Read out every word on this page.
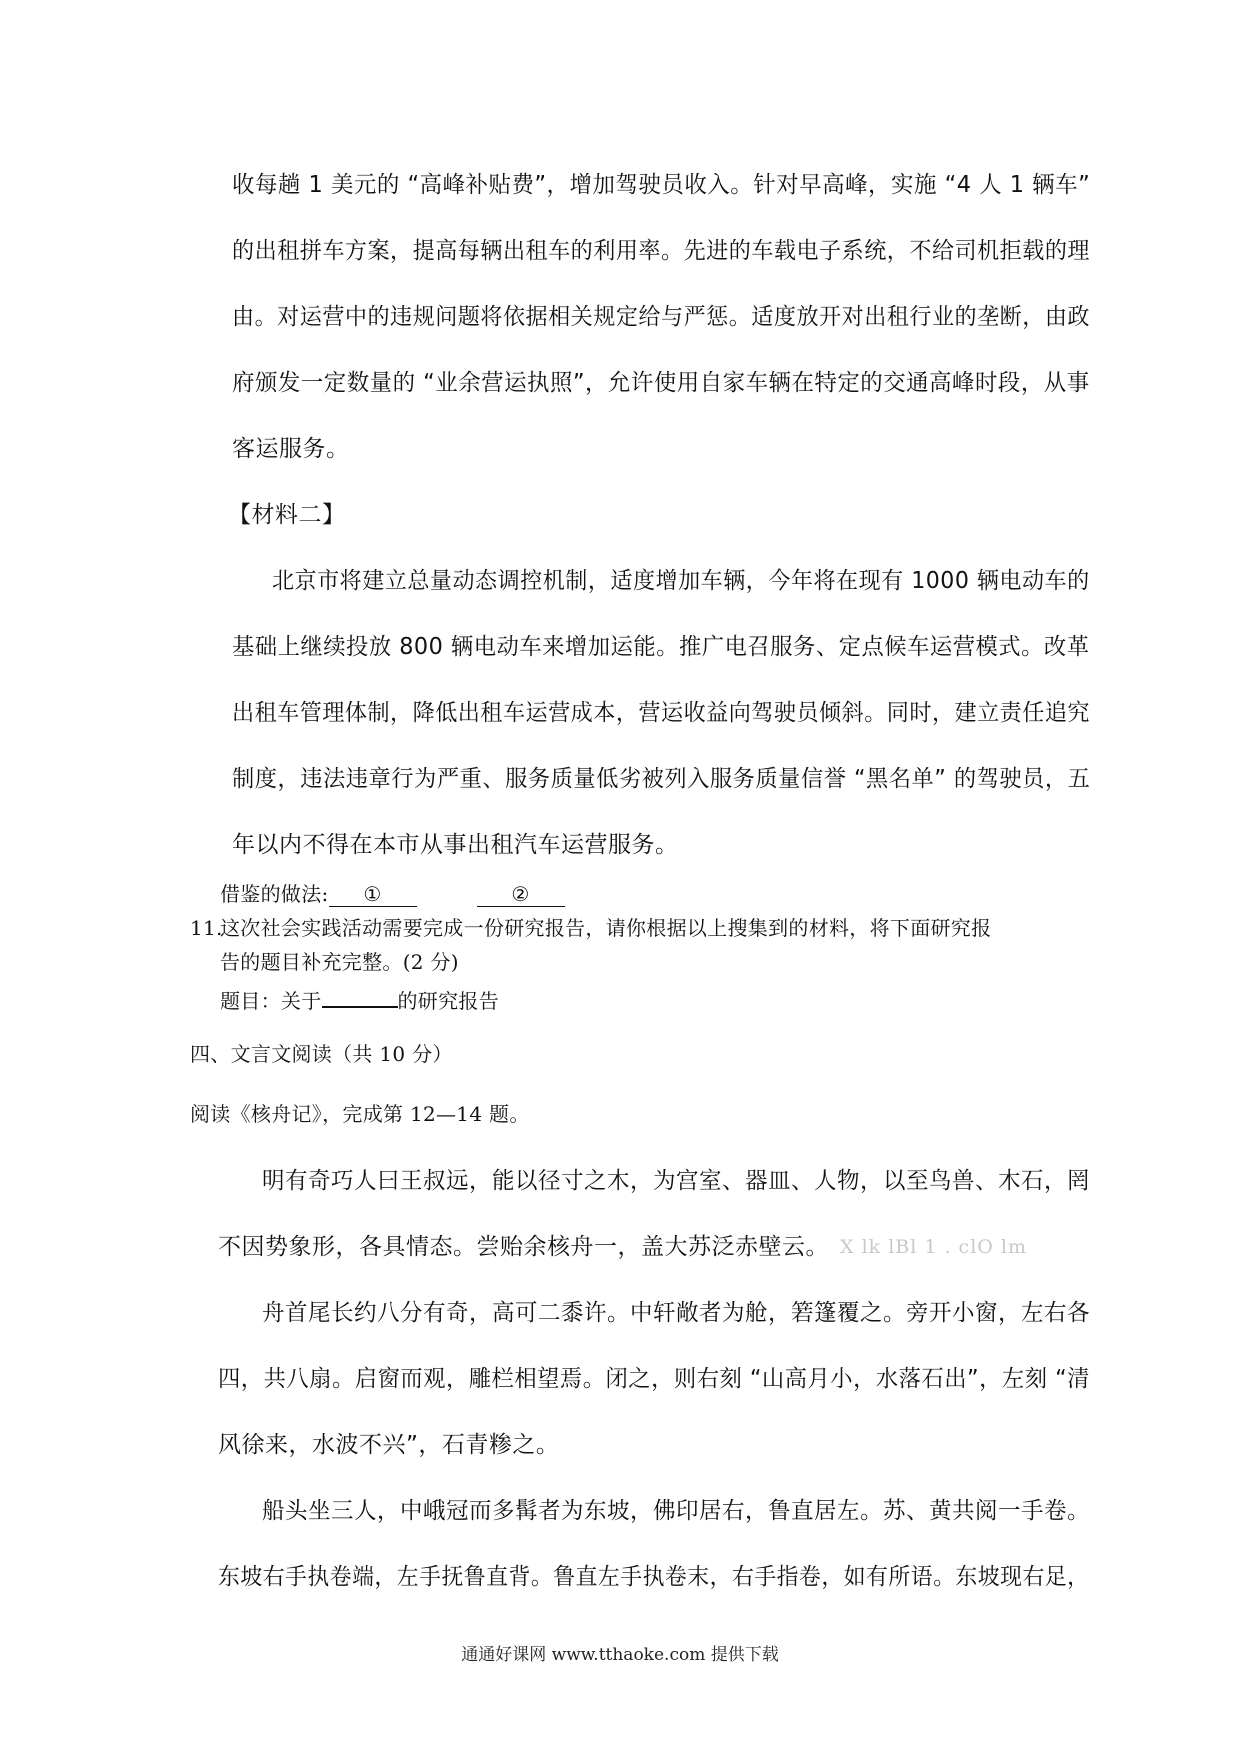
收每趟 1 美元的 “高峰补贴费”，增加驾驶员收入。针对早高峰，实施 “4 人 1 辆车”
的出租拼车方案，提高每辆出租车的利用率。先进的车载电子系统，不给司机拒载的理
由。对运营中的违规问题将依据相关规定给与严惩。适度放开对出租行业的垄断，由政
府颁发一定数量的 “业余营运执照”，允许使用自家车辆在特定的交通高峰时段，从事
客运服务。
【材料二】
北京市将建立总量动态调控机制，适度增加车辆，今年将在现有 1000 辆电动车的
基础上继续投放 800 辆电动车来增加运能。推广电召服务、定点候车运营模式。改革
出租车管理体制，降低出租车运营成本，营运收益向驾驶员倾斜。同时，建立责任追究
制度，违法违章行为严重、服务质量低劣被列入服务质量信誉 “黑名单” 的驾驶员，五
年以内不得在本市从事出租汽车运营服务。
借鉴的做法: ①	②
11.
这次社会实践活动需要完成一份研究报告，请你根据以上搜集到的材料，将下面研究报
告的题目补充完整。(2 分)
题目：关于	的研究报告
四、文言文阅读（共 10 分）
阅读《核舟记》，完成第 12—14 题。
明有奇巧人曰王叔远，能以径寸之木，为宫室、器皿、人物，以至鸟兽、木石，罔
不因势象形，各具情态。尝贻余核舟一，盖大苏泛赤壁云。 X lk lBl 1 . clO lm
舟首尾长约八分有奇，高可二黍许。中轩敞者为舱，箬篷覆之。旁开小窗，左右各
四，共八扇。启窗而观，雕栏相望焉。闭之，则右刻 “山高月小，水落石出”，左刻 “清
风徐来，水波不兴”，石青糁之。
船头坐三人，中峨冠而多髯者为东坡，佛印居右，鲁直居左。苏、黄共阅一手卷。
东坡右手执卷端，左手抚鲁直背。鲁直左手执卷末，右手指卷，如有所语。东坡现右足，
通通好课网 www.tthaoke.com 提供下载
